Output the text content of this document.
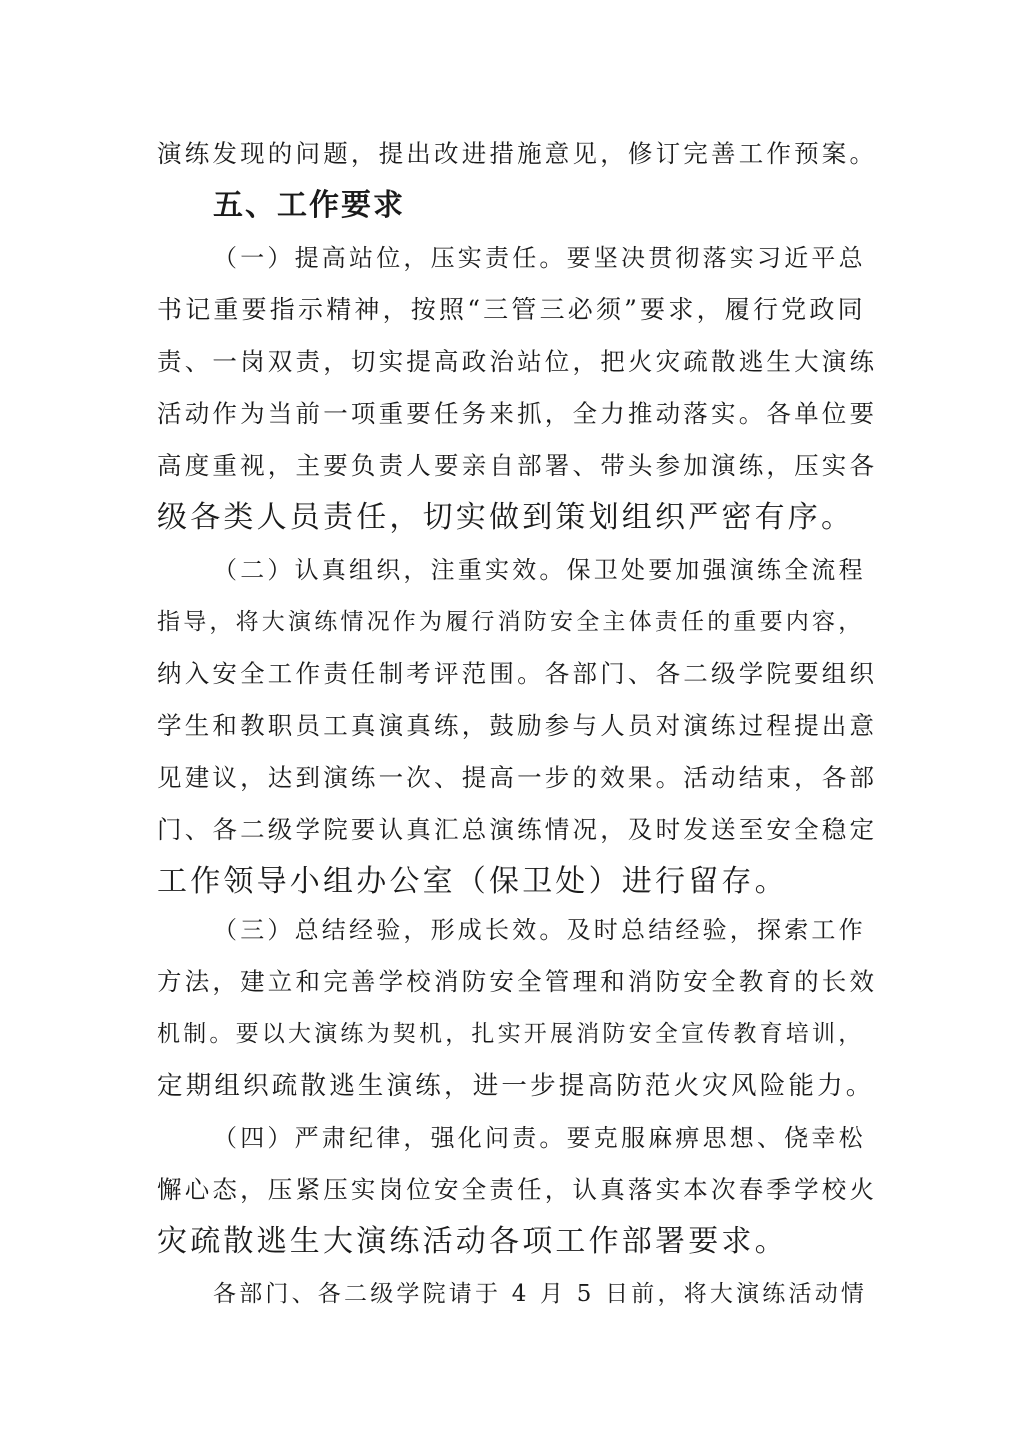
演练发现的问题，提出改进措施意见，修订完善工作预案。
五、工作要求
（一）提高站位，压实责任。要坚决贯彻落实习近平总
书记重要指示精神，按照“三管三必须”要求，履行党政同
责、一岗双责，切实提高政治站位，把火灾疏散逃生大演练
活动作为当前一项重要任务来抓，全力推动落实。各单位要
高度重视，主要负责人要亲自部署、带头参加演练，压实各
级各类人员责任，切实做到策划组织严密有序。
（二）认真组织，注重实效。保卫处要加强演练全流程
指导，将大演练情况作为履行消防安全主体责任的重要内容，
纳入安全工作责任制考评范围。各部门、各二级学院要组织
学生和教职员工真演真练，鼓励参与人员对演练过程提出意
见建议，达到演练一次、提高一步的效果。活动结束，各部
门、各二级学院要认真汇总演练情况，及时发送至安全稳定
工作领导小组办公室（保卫处）进行留存。
（三）总结经验，形成长效。及时总结经验，探索工作
方法，建立和完善学校消防安全管理和消防安全教育的长效
机制。要以大演练为契机，扎实开展消防安全宣传教育培训，
定期组织疏散逃生演练，进一步提高防范火灾风险能力。
（四）严肃纪律，强化问责。要克服麻痹思想、侥幸松
懈心态，压紧压实岗位安全责任，认真落实本次春季学校火
灾疏散逃生大演练活动各项工作部署要求。
各部门、各二级学院请于 4 月 5 日前，将大演练活动情
